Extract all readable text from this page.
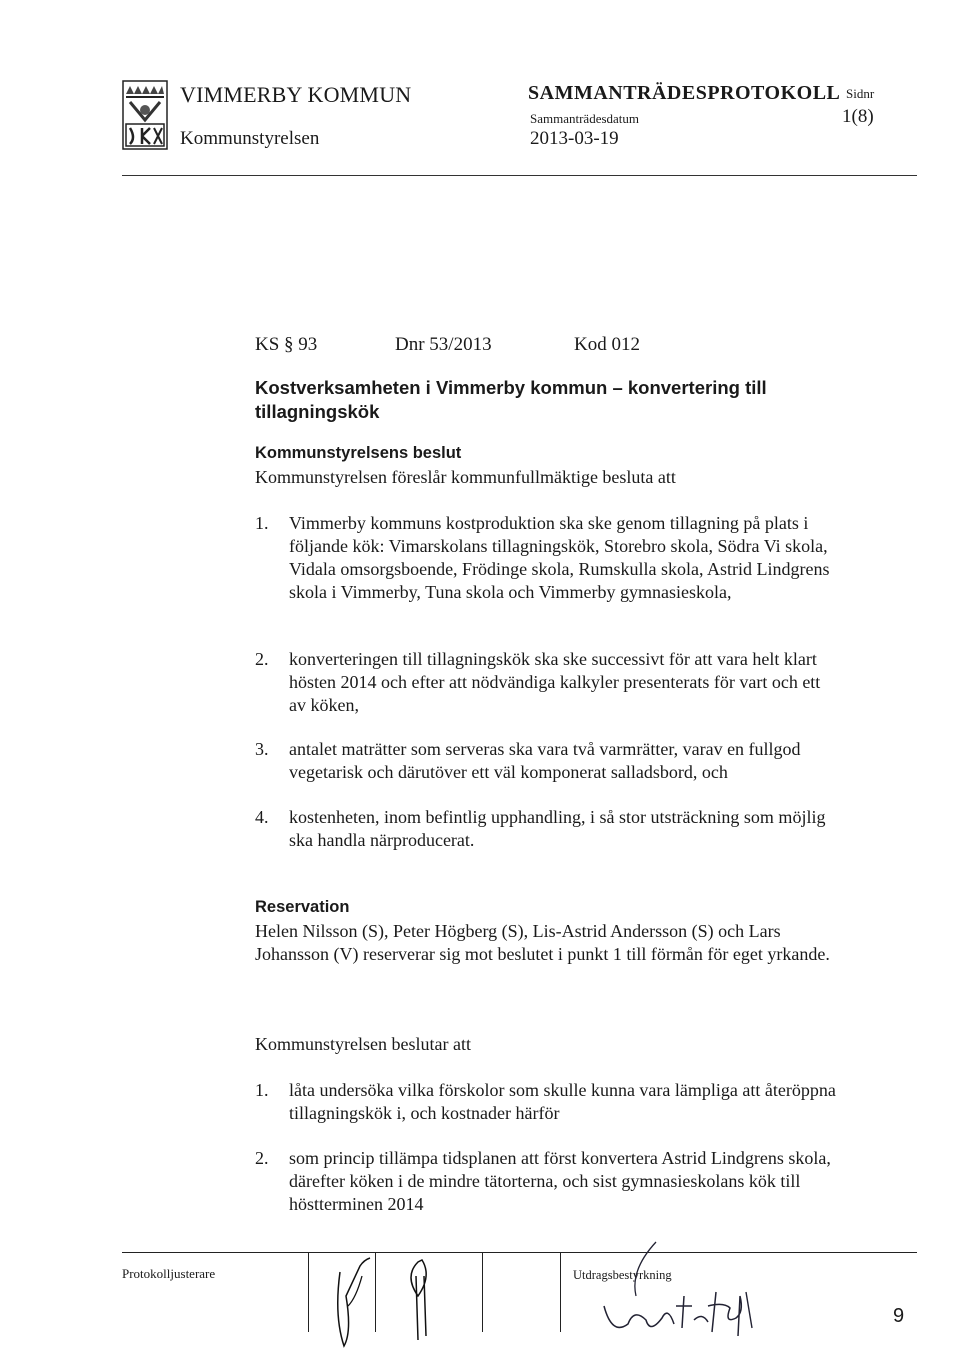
VIMMERBY KOMMUN
Kommunstyrelsen
SAMMANTRÄDESPROTOKOLL
Sammanträdesdatum
2013-03-19
Sidnr
1(8)
KS § 93	Dnr 53/2013	Kod 012
Kostverksamheten i Vimmerby kommun – konvertering till tillagningskök
Kommunstyrelsens beslut
Kommunstyrelsen föreslår kommunfullmäktige besluta att
1.	Vimmerby kommuns kostproduktion ska ske genom tillagning på plats i följande kök: Vimarskolans tillagningskök, Storebro skola, Södra Vi skola, Vidala omsorgsboende, Frödinge skola, Rumskulla skola, Astrid Lindgrens skola i Vimmerby, Tuna skola och Vimmerby gymnasieskola,
2.	konverteringen till tillagningskök ska ske successivt för att vara helt klart hösten 2014 och efter att nödvändiga kalkyler presenterats för vart och ett av köken,
3.	antalet maträtter som serveras ska vara två varmrätter, varav en fullgod vegetarisk och därutöver ett väl komponerat salladsbord, och
4.	kostenheten, inom befintlig upphandling, i så stor utsträckning som möjlig ska handla närproducerat.
Reservation
Helen Nilsson (S), Peter Högberg (S), Lis-Astrid Andersson (S) och Lars Johansson (V) reserverar sig mot beslutet i punkt 1 till förmån för eget yrkande.
Kommunstyrelsen beslutar att
1.	låta undersöka vilka förskolor som skulle kunna vara lämpliga att återöppna tillagningskök i, och kostnader härför
2.	som princip tillämpa tidsplanen att först konvertera Astrid Lindgrens skola, därefter köken i de mindre tätorterna, och sist gymnasieskolans kök till höstterminen 2014
Protokolljusterare	Utdragsbestyrkning
9
